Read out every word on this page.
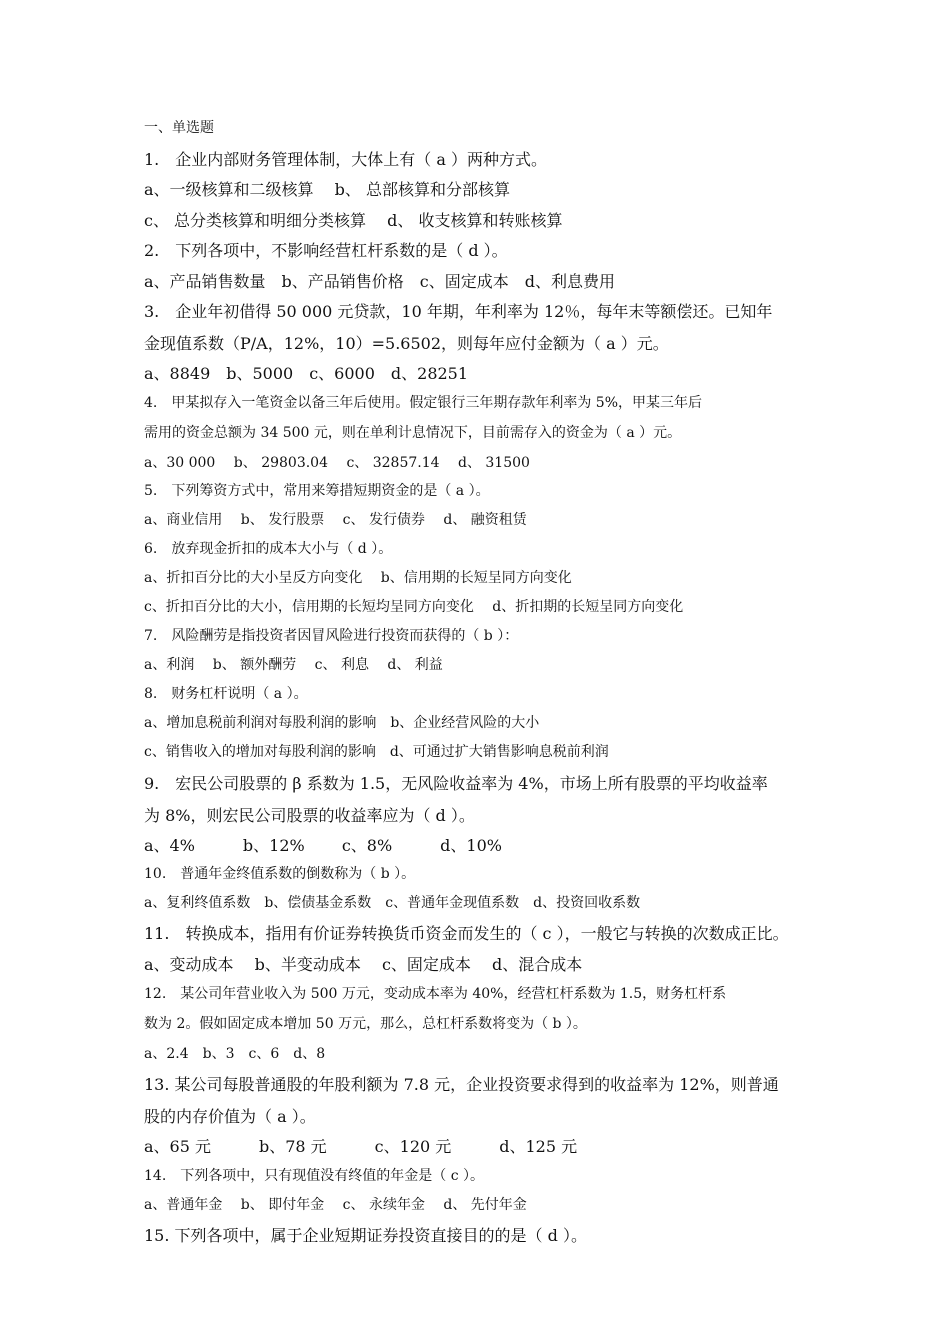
一、单选题
1.　企业内部财务管理体制，大体上有（ a ）两种方式。
a、一级核算和二级核算　 b、 总部核算和分部核算
c、 总分类核算和明细分类核算　 d、 收支核算和转账核算
2.　下列各项中，不影响经营杠杆系数的是（ d ）。
a、产品销售数量　b、产品销售价格　c、固定成本　d、利息费用
3.　企业年初借得 50 000 元贷款，10 年期，年利率为 12％，每年末等额偿还。已知年
金现值系数（P/A，12%，10）=5.6502，则每年应付金额为（ a ）元。
a、8849　b、5000　c、6000　d、28251
4.　甲某拟存入一笔资金以备三年后使用。假定银行三年期存款年利率为 5%，甲某三年后
需用的资金总额为 34 500 元，则在单利计息情况下，目前需存入的资金为（ a ）元。
a、30 000　 b、 29803.04　 c、 32857.14　 d、 31500
5.　下列筹资方式中，常用来筹措短期资金的是（ a ）。
a、商业信用　 b、 发行股票　 c、 发行债券　 d、 融资租赁
6.　放弃现金折扣的成本大小与（ d ）。
a、折扣百分比的大小呈反方向变化　 b、信用期的长短呈同方向变化
c、折扣百分比的大小，信用期的长短均呈同方向变化　 d、折扣期的长短呈同方向变化
7.　风险酬劳是指投资者因冒风险进行投资而获得的（ b ）：
a、利润　 b、 额外酬劳　 c、 利息　 d、 利益
8.　财务杠杆说明（ a ）。
a、增加息税前利润对每股利润的影响　b、企业经营风险的大小
c、销售收入的增加对每股利润的影响　d、可通过扩大销售影响息税前利润
9.　宏民公司股票的 β 系数为 1.5，无风险收益率为 4%，市场上所有股票的平均收益率
为 8%，则宏民公司股票的收益率应为（ d ）。
a、4%　　　b、12%　　 c、8%　　　d、10%
10.　普通年金终值系数的倒数称为（ b ）。
a、复利终值系数　b、偿债基金系数　c、普通年金现值系数　d、投资回收系数
11.　转换成本，指用有价证券转换货币资金而发生的（ c ），一般它与转换的次数成正比。
a、变动成本　 b、半变动成本　 c、固定成本　 d、混合成本
12.　某公司年营业收入为 500 万元，变动成本率为 40%，经营杠杆系数为 1.5，财务杠杆系
数为 2。假如固定成本增加 50 万元，那么，总杠杆系数将变为（ b ）。
a、2.4　b、3　c、6　d、8
13. 某公司每股普通股的年股利额为 7.8 元，企业投资要求得到的收益率为 12%，则普通
股的内存价值为（ a ）。
a、65 元　　　b、78 元　　　c、120 元　　　d、125 元
14.　下列各项中，只有现值没有终值的年金是（ c ）。
a、普通年金　 b、 即付年金　 c、 永续年金　 d、 先付年金
15. 下列各项中，属于企业短期证券投资直接目的的是（ d ）。
